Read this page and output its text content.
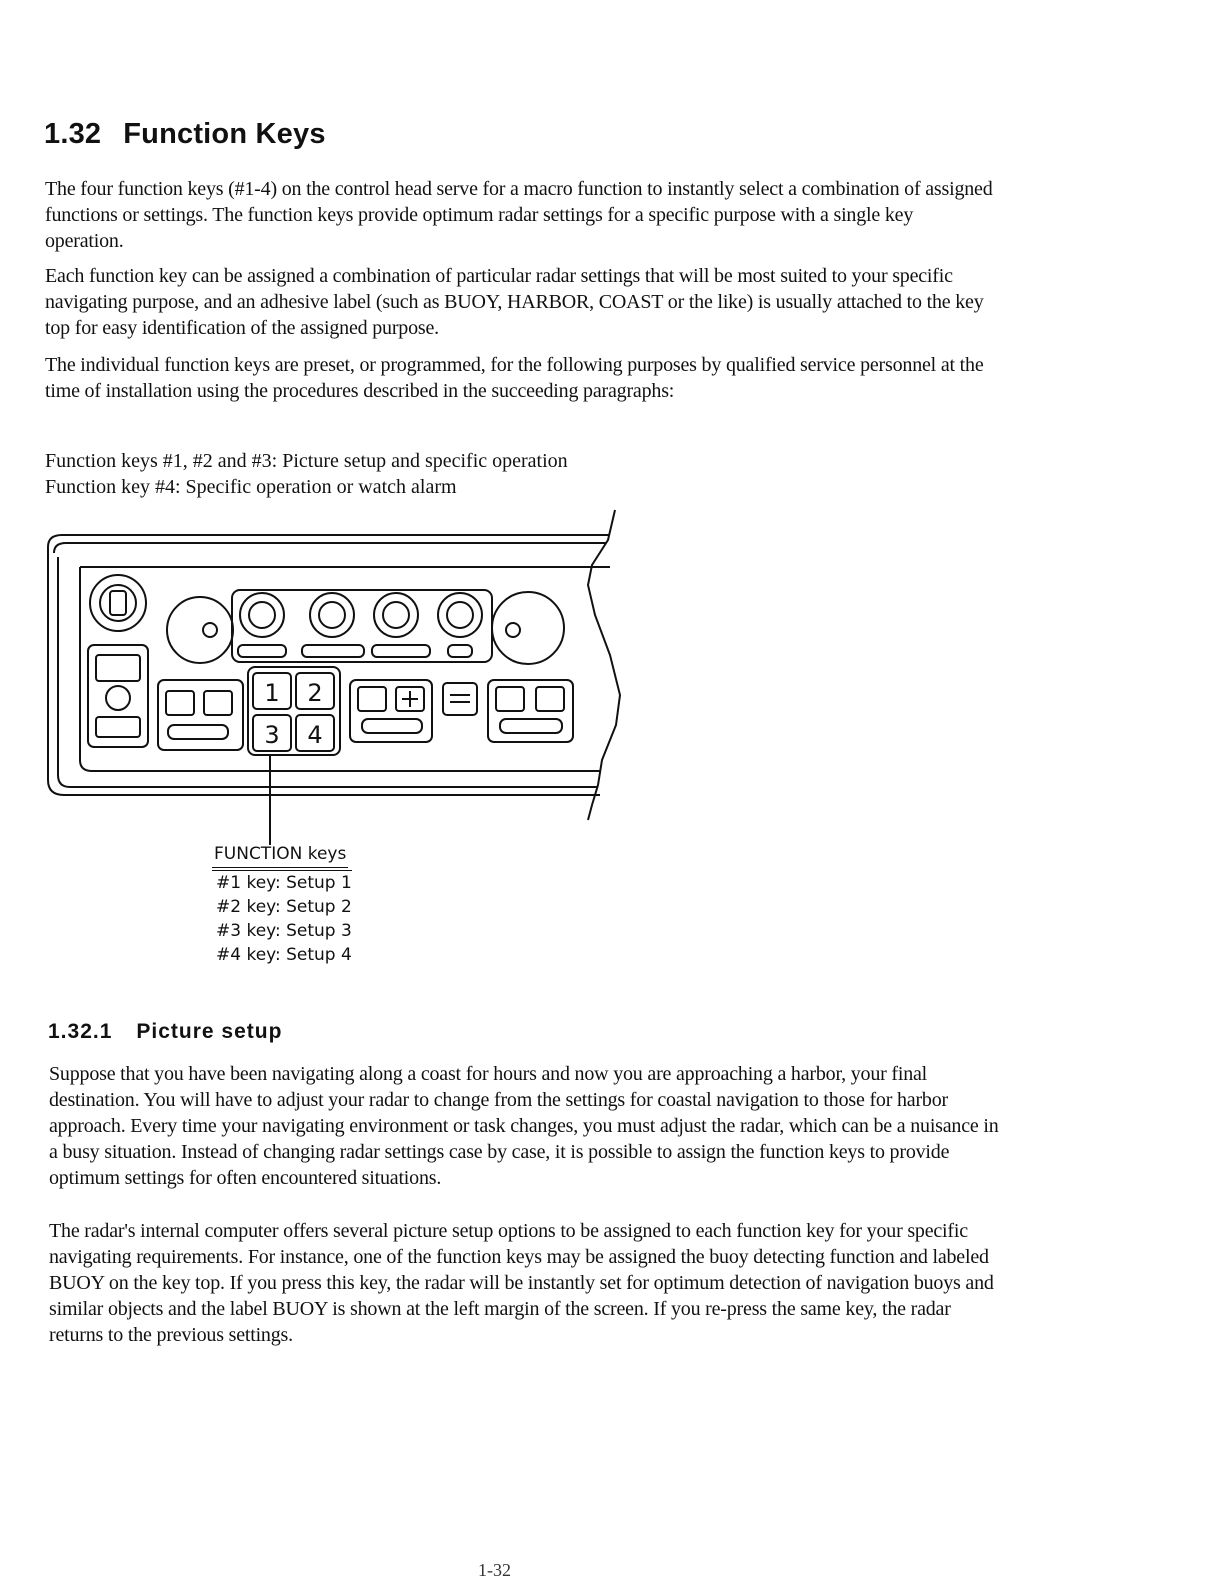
1.32 Function Keys

The four function keys (#1-4) on the control head serve for a macro function to instantly select a combination of assigned functions or settings. The function keys provide optimum radar settings for a specific purpose with a single key operation.

Each function key can be assigned a combination of particular radar settings that will be most suited to your specific navigating purpose, and an adhesive label (such as BUOY, HARBOR, COAST or the like) is usually attached to the key top for easy identification of the assigned purpose.

The individual function keys are preset, or programmed, for the following purposes by qualified service personnel at the time of installation using the procedures described in the succeeding paragraphs:

Function keys #1, #2 and #3: Picture setup and specific operation

Function key #4: Specific operation or watch alarm

1 2
3 4
FUNCTION keys
#1 key: Setup 1
#2 key: Setup 2
#3 key: Setup 3
#4 key: Setup 4
1.32.1 Picture setup

Suppose that you have been navigating along a coast for hours and now you are approaching a harbor, your final destination. You will have to adjust your radar to change from the settings for coastal navigation to those for harbor approach. Every time your navigating environment or task changes, you must adjust the radar, which can be a nuisance in a busy situation. Instead of changing radar settings case by case, it is possible to assign the function keys to provide optimum settings for often encountered situations.

The radar's internal computer offers several picture setup options to be assigned to each function key for your specific navigating requirements. For instance, one of the function keys may be assigned the buoy detecting function and labeled BUOY on the key top. If you press this key, the radar will be instantly set for optimum detection of navigation buoys and similar objects and the label BUOY is shown at the left margin of the screen. If you re-press the same key, the radar returns to the previous settings.

1-32
